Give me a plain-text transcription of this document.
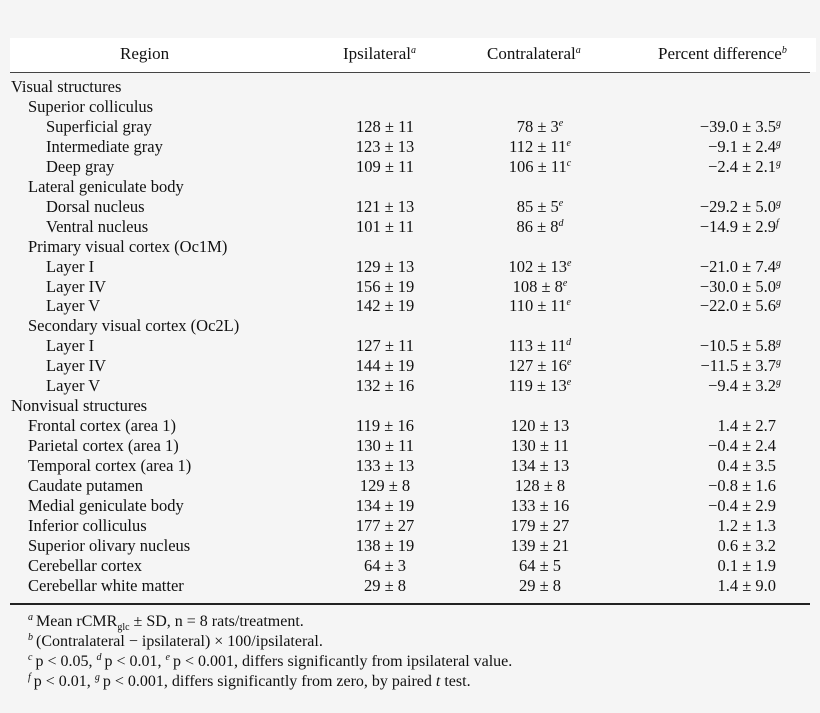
Region	Ipsilateral$^a$	Contralateral$^a$	Percent difference$^b$
Visual structures
Superior colliculus
Superficial gray	128 ± 11	$78 \pm 3^e$	−39.0 ± 3.5$^g$
Intermediate gray	123 ± 13	$112 \pm 11^e$	−9.1 ± 2.4$^g$
Deep gray	109 ± 11	$106 \pm 11^c$	−2.4 ± 2.1$^g$
Lateral geniculate body
Dorsal nucleus	121 ± 13	$85 \pm 5^e$	−29.2 ± 5.0$^g$
Ventral nucleus	101 ± 11	$86 \pm 8^d$	−14.9 ± 2.9$^f$
Primary visual cortex (Oc1M)
Layer I	129 ± 13	$102 \pm 13^e$	−21.0 ± 7.4$^g$
Layer IV	156 ± 19	$108 \pm 8^e$	−30.0 ± 5.0$^g$
Layer V	142 ± 19	$110 \pm 11^e$	−22.0 ± 5.6$^g$
Secondary visual cortex (Oc2L)
Layer I	127 ± 11	$113 \pm 11^d$	−10.5 ± 5.8$^g$
Layer IV	144 ± 19	$127 \pm 16^e$	−11.5 ± 3.7$^g$
Layer V	132 ± 16	$119 \pm 13^e$	−9.4 ± 3.2$^g$
Nonvisual structures
Frontal cortex (area 1)	119 ± 16	120 ± 13	1.4 ± 2.7
Parietal cortex (area 1)	130 ± 11	130 ± 11	−0.4 ± 2.4
Temporal cortex (area 1)	133 ± 13	134 ± 13	0.4 ± 3.5
Caudate putamen	129 ± 8	128 ± 8	−0.8 ± 1.6
Medial geniculate body	134 ± 19	133 ± 16	−0.4 ± 2.9
Inferior colliculus	177 ± 27	179 ± 27	1.2 ± 1.3
Superior olivary nucleus	138 ± 19	139 ± 21	0.6 ± 3.2
Cerebellar cortex	64 ± 3	64 ± 5	0.1 ± 1.9
Cerebellar white matter	29 ± 8	29 ± 8	1.4 ± 9.0
$^a$ Mean rCMR$_{glc}$ ± SD, n = 8 rats/treatment.
$^b$ (Contralateral − ipsilateral) × 100/ipsilateral.
$^c$ p < 0.05, $^d$ p < 0.01, $^e$ p < 0.001, differs significantly from ipsilateral value.
$^f$ p < 0.01, $^g$ p < 0.001, differs significantly from zero, by paired t test.
